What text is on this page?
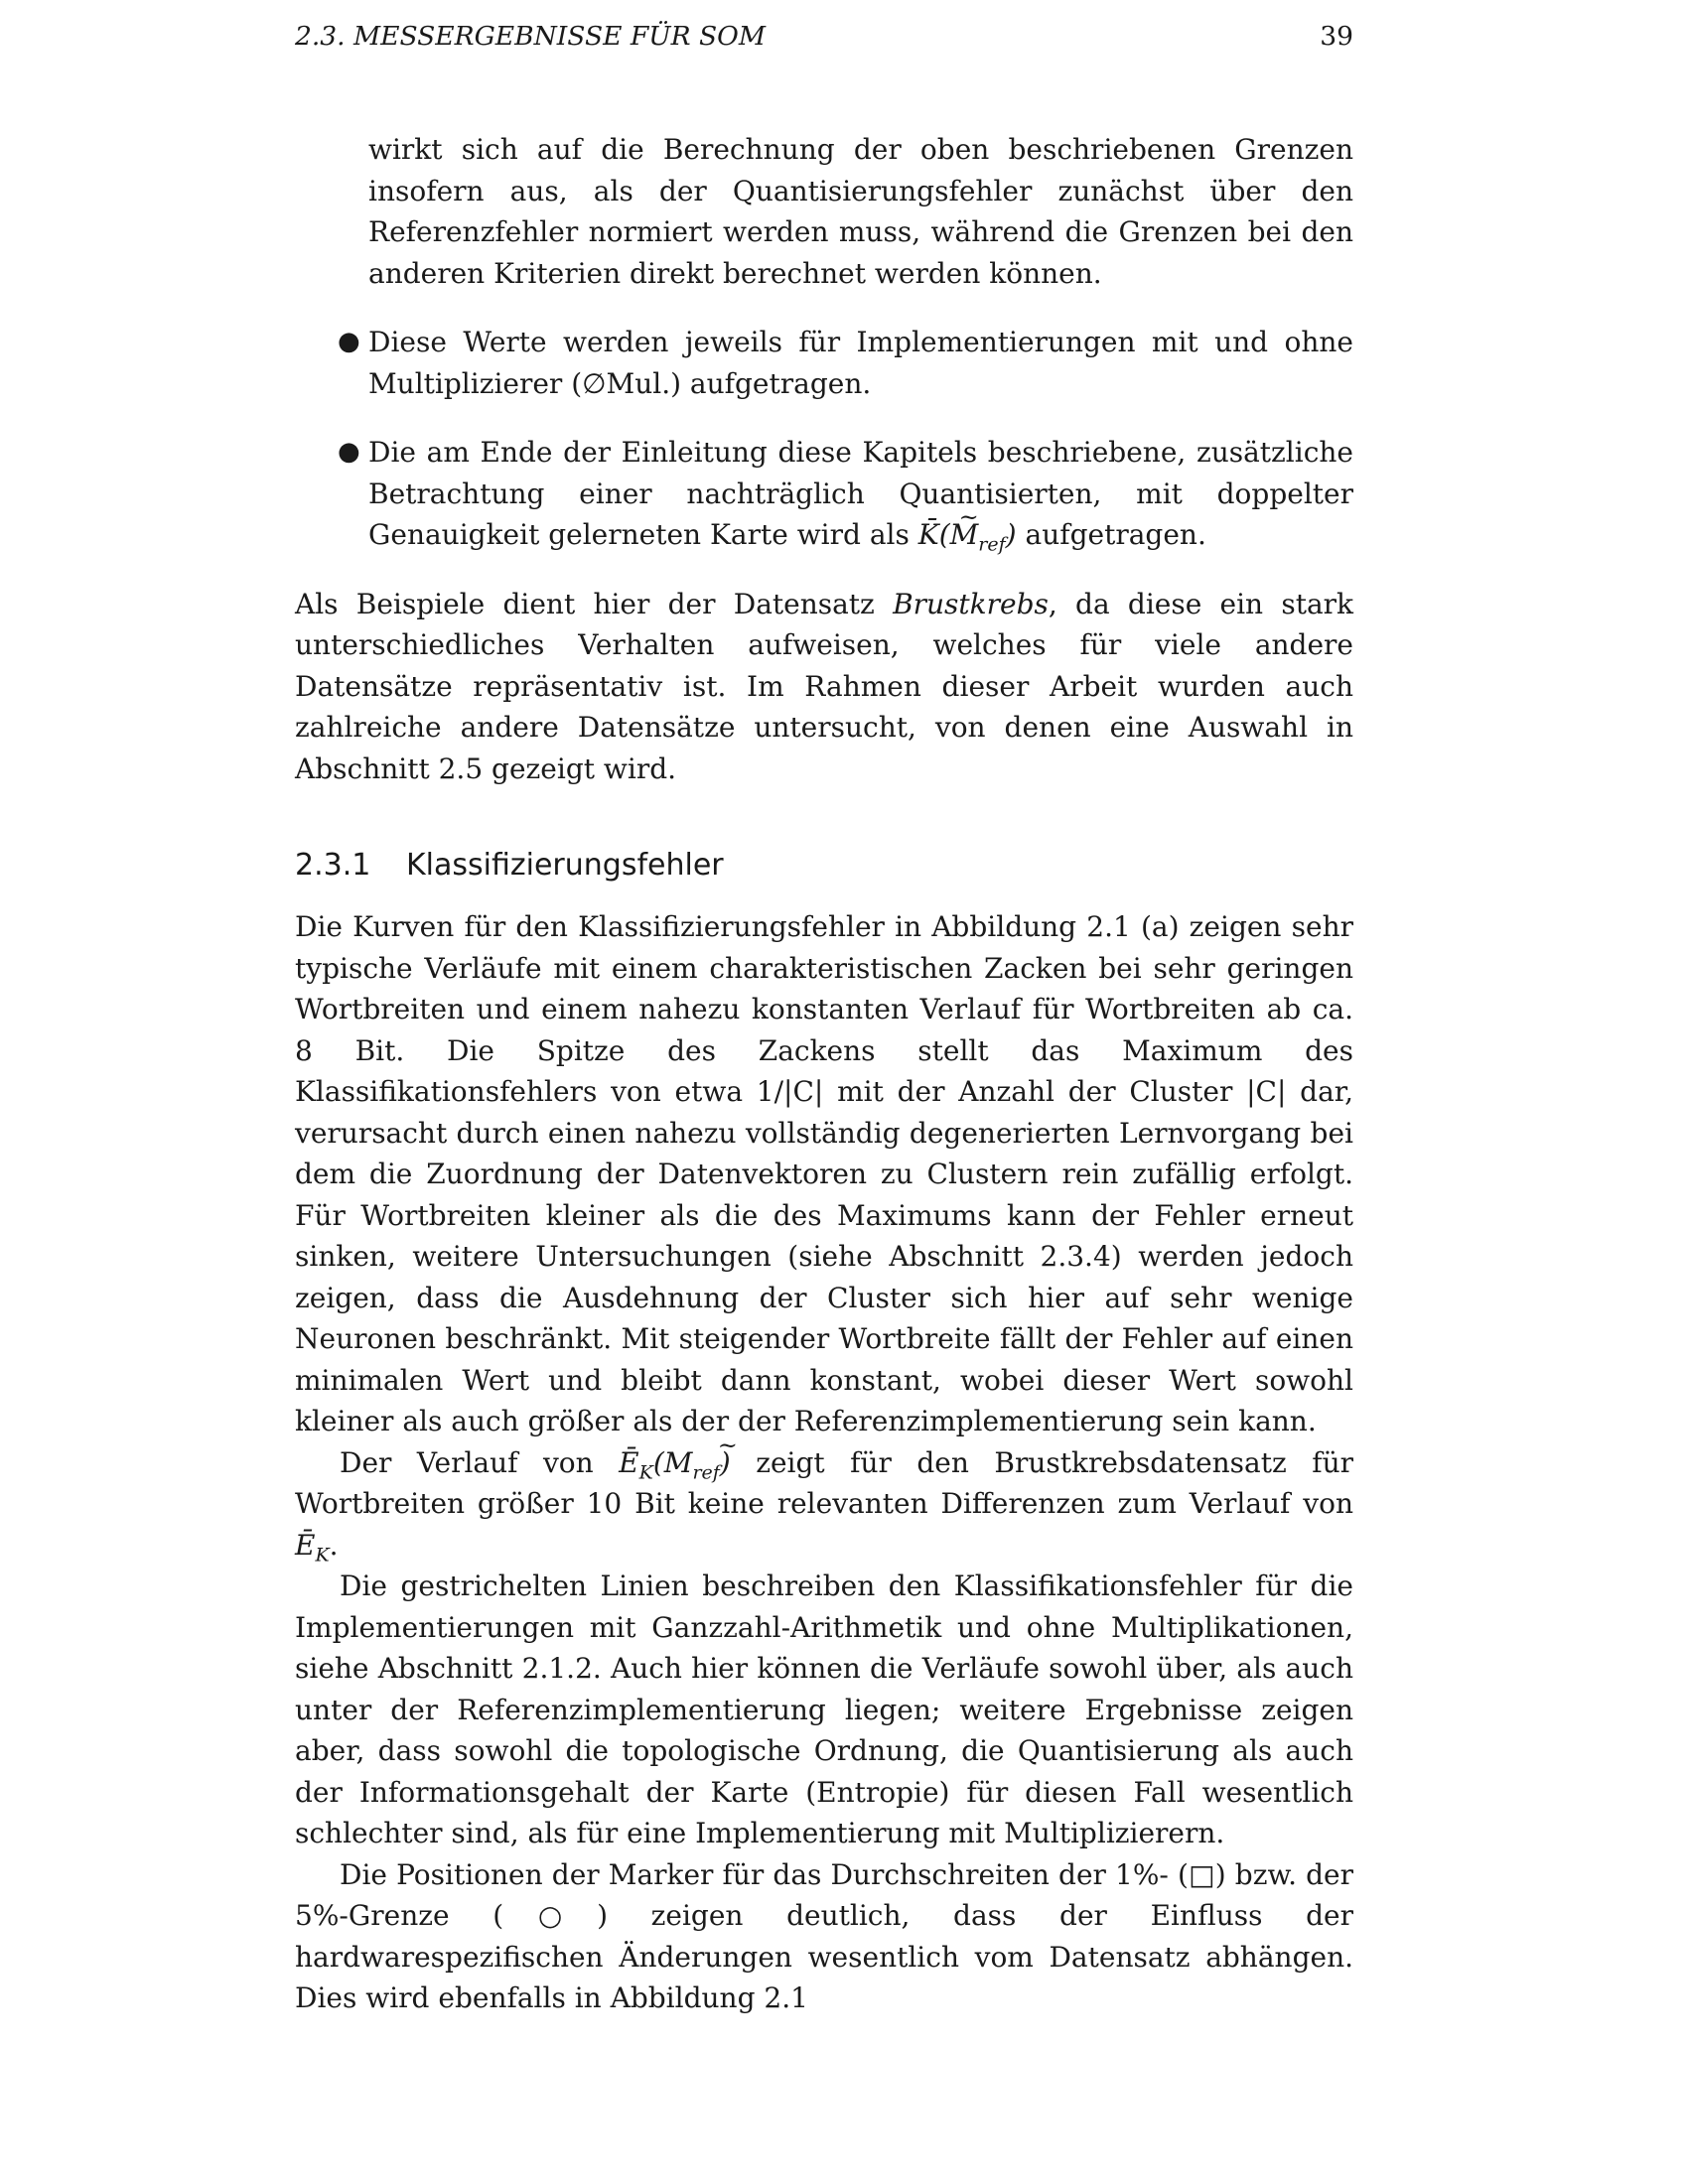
2.3. MESSERGEBNISSE FÜR SOM	39

wirkt sich auf die Berechnung der oben beschriebenen Grenzen insofern aus, als der Quantisierungsfehler zunächst über den Referenzfehler normiert werden muss, während die Grenzen bei den anderen Kriterien direkt berechnet werden können.

● Diese Werte werden jeweils für Implementierungen mit und ohne Multiplizierer (∅Mul.) aufgetragen.

● Die am Ende der Einleitung diese Kapitels beschriebene, zusätzliche Betrachtung einer nachträglich Quantisierten, mit doppelter Genauigkeit gelerneten Karte wird als K̄(~ $M_{ref}$) aufgetragen.

Als Beispiele dient hier der Datensatz Brustkrebs, da diese ein stark unterschiedliches Verhalten aufweisen, welches für viele andere Datensätze repräsentativ ist. Im Rahmen dieser Arbeit wurden auch zahlreiche andere Datensätze untersucht, von denen eine Auswahl in Abschnitt 2.5 gezeigt wird.

2.3.1 Klassifizierungsfehler

Die Kurven für den Klassifizierungsfehler in Abbildung 2.1 (a) zeigen sehr typische Verläufe mit einem charakteristischen Zacken bei sehr geringen Wortbreiten und einem nahezu konstanten Verlauf für Wortbreiten ab ca. 8 Bit. Die Spitze des Zackens stellt das Maximum des Klassifikationsfehlers von etwa 1/|C| mit der Anzahl der Cluster |C| dar, verursacht durch einen nahezu vollständig degenerierten Lernvorgang bei dem die Zuordnung der Datenvektoren zu Clustern rein zufällig erfolgt. Für Wortbreiten kleiner als die des Maximums kann der Fehler erneut sinken, weitere Untersuchungen (siehe Abschnitt 2.3.4) werden jedoch zeigen, dass die Ausdehnung der Cluster sich hier auf sehr wenige Neuronen beschränkt. Mit steigender Wortbreite fällt der Fehler auf einen minimalen Wert und bleibt dann konstant, wobei dieser Wert sowohl kleiner als auch größer als der der Referenzimplementierung sein kann.

Der Verlauf von $Ē_K(\sim$ $M_{ref}$) zeigt für den Brustkrebsdatensatz für Wortbreiten größer 10 Bit keine relevanten Differenzen zum Verlauf von $Ē_K$.

Die gestrichelten Linien beschreiben den Klassifikationsfehler für die Implementierungen mit Ganzzahl-Arithmetik und ohne Multiplikationen, siehe Abschnitt 2.1.2. Auch hier können die Verläufe sowohl über, als auch unter der Referenzimplementierung liegen; weitere Ergebnisse zeigen aber, dass sowohl die topologische Ordnung, die Quantisierung als auch der Informationsgehalt der Karte (Entropie) für diesen Fall wesentlich schlechter sind, als für eine Implementierung mit Multiplizierern.

Die Positionen der Marker für das Durchschreiten der 1%- (□) bzw. der 5%-Grenze (○) zeigen deutlich, dass der Einfluss der hardwarespezifischen Änderungen wesentlich vom Datensatz abhängen. Dies wird ebenfalls in Abbildung 2.1
